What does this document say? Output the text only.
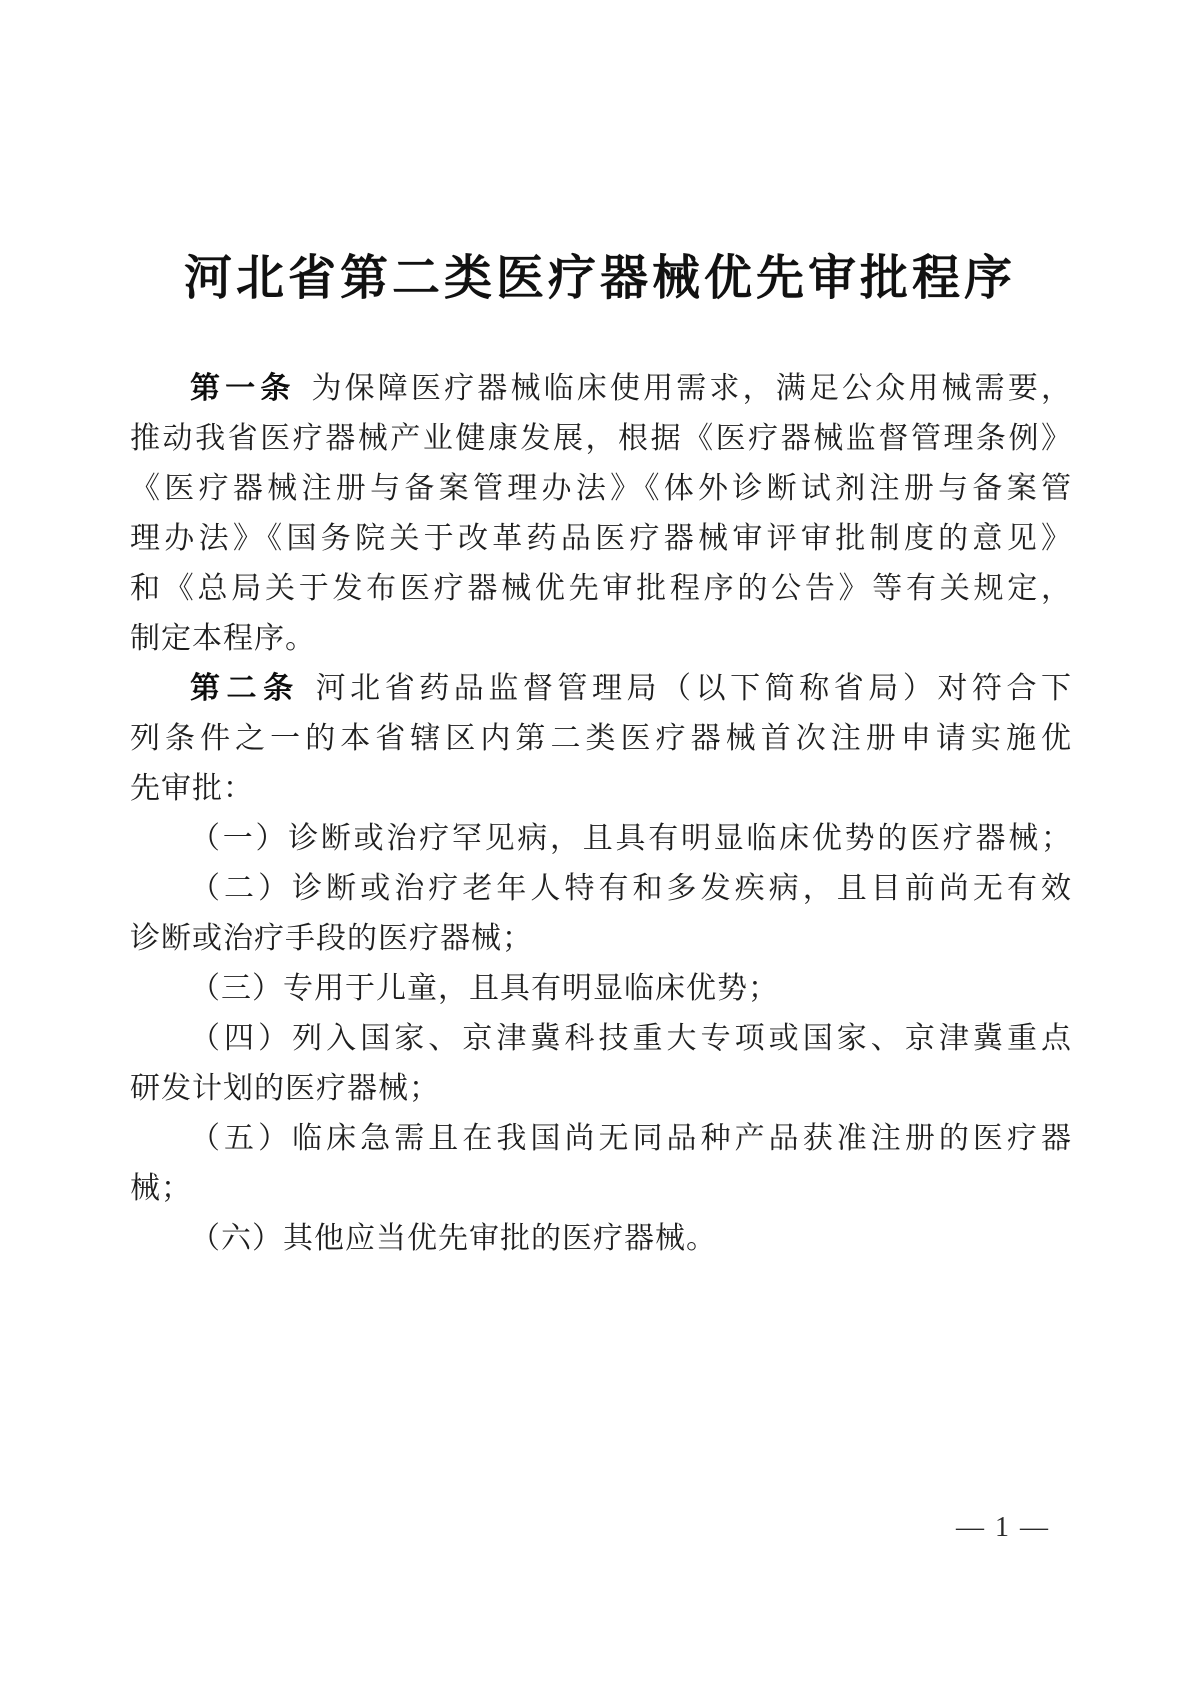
河北省第二类医疗器械优先审批程序
第一条 为保障医疗器械临床使用需求，满足公众用械需要，
推动我省医疗器械产业健康发展，根据《医疗器械监督管理条例》
《医疗器械注册与备案管理办法》《体外诊断试剂注册与备案管
理办法》《国务院关于改革药品医疗器械审评审批制度的意见》
和《总局关于发布医疗器械优先审批程序的公告》等有关规定，
制定本程序。
第二条 河北省药品监督管理局（以下简称省局）对符合下
列条件之一的本省辖区内第二类医疗器械首次注册申请实施优
先审批：
（一）诊断或治疗罕见病，且具有明显临床优势的医疗器械；
（二）诊断或治疗老年人特有和多发疾病，且目前尚无有效
诊断或治疗手段的医疗器械；
（三）专用于儿童，且具有明显临床优势；
（四）列入国家、京津冀科技重大专项或国家、京津冀重点
研发计划的医疗器械；
（五）临床急需且在我国尚无同品种产品获准注册的医疗器
械；
（六）其他应当优先审批的医疗器械。
— 1 —
